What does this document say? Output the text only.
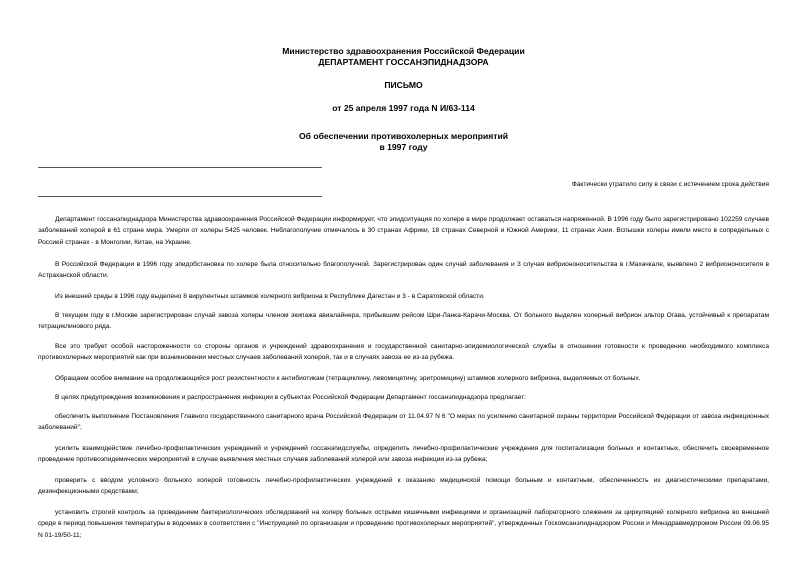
Министерство здравоохранения Российской Федерации
ДЕПАРТАМЕНТ ГОССАНЭПИДНАДЗОРА
ПИСЬМО
от 25 апреля 1997 года N И/63-114
Об обеспечении противохолерных мероприятий
в 1997 году
Фактически утратило силу в связи с истечением срока действия
Департамент госсанэпиднадзора Министерства здравоохранения Российской Федерации информирует, что эпидситуация по холере в мире продолжает оставаться напряженной. В 1996 году было зарегистрировано 102259 случаев заболеваний холерой в 61 стране мира. Умерли от холеры 5425 человек. Неблагополучие отмечалось в 30 странах Африки, 18 странах Северной и Южной Америки, 11 странах Азии. Вспышки холеры имели место в сопредельных с Россией странах - в Монголии, Китае, на Украине.
В Российской Федерации в 1996 году эпидобстановка по холере была относительно благополучной. Зарегистрирован один случай заболевания и 3 случая вибриононосительства в г.Махачкале, выявлено 2 вибриононосителя в Астраханской области.
Из внешней среды в 1996 году выделено 8 вирулентных штаммов холерного вибриона в Республике Дагестан и 3 - в Саратовской области.
В текущем году в г.Москве зарегистрирован случай завоза холеры членом экипажа авиалайнера, прибывшим рейсом Шри-Ланка-Карачи-Москва. От больного выделен холерный вибрион эльтор Огава, устойчивый к препаратам тетрациклинового ряда.
Все это требует особой настороженности со стороны органов и учреждений здравоохранения и государственной санитарно-эпидемиологической службы в отношении готовности к проведению необходимого комплекса противохолерных мероприятий как при возникновении местных случаев заболеваний холерой, так и в случаях завоза ее из-за рубежа.
Обращаем особое внимание на продолжающийся рост резистентности к антибиотикам (тетрациклину, левомицетину, эритромицину) штаммов холерного вибриона, выделяемых от больных.
В целях предупреждения возникновения и распространения инфекции в субъектах Российской Федерации Департамент госсанэпиднадзора предлагает:
обеспечить выполнение Постановления Главного государственного санитарного врача Российской Федерации от 11.04.97 N 6 "О мерах по усилению санитарной охраны территории Российской Федерации от завоза инфекционных заболеваний";
усилить взаимодействие лечебно-профилактических учреждений и учреждений госсанэпидслужбы, определить лечебно-профилактические учреждения для госпитализации больных и контактных, обеспечить своевременное проведение противоэпидемических мероприятий в случае выявления местных случаев заболеваний холерой или завоза инфекции из-за рубежа;
проверить с вводом условного больного холерой готовность лечебно-профилактических учреждений к оказанию медицинской помощи больным и контактным, обеспеченность их диагностическими препаратами, дезинфекционными средствами;
установить строгий контроль за проведением бактериологических обследований на холеру больных острыми кишечными инфекциями и организацией лабораторного слежения за циркуляцией холерного вибриона во внешней среде в период повышения температуры в водоемах в соответствии с "Инструкцией по организации и проведению противохолерных мероприятий", утвержденных Госкомсанэпиднадзором России и Минздравмедпромом России 09.06.95 N 01-19/50-11;
